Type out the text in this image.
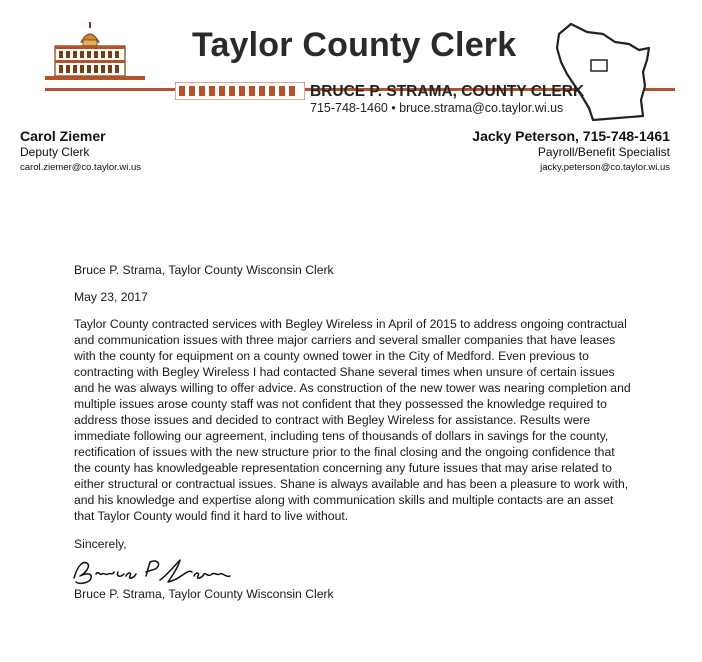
Taylor County Clerk
BRUCE P. STRAMA, COUNTY CLERK
715-748-1460 • bruce.strama@co.taylor.wi.us
Carol Ziemer
Deputy Clerk
carol.ziemer@co.taylor.wi.us
Jacky Peterson, 715-748-1461
Payroll/Benefit Specialist
jacky.peterson@co.taylor.wi.us

Bruce P. Strama, Taylor County Wisconsin Clerk

May 23, 2017

Taylor County contracted services with Begley Wireless in April of 2015 to address ongoing contractual and communication issues with three major carriers and several smaller companies that have leases with the county for equipment on a county owned tower in the City of Medford. Even previous to contracting with Begley Wireless I had contacted Shane several times when unsure of certain issues and he was always willing to offer advice. As construction of the new tower was nearing completion and multiple issues arose county staff was not confident that they possessed the knowledge required to address those issues and decided to contract with Begley Wireless for assistance. Results were immediate following our agreement, including tens of thousands of dollars in savings for the county, rectification of issues with the new structure prior to the final closing and the ongoing confidence that the county has knowledgeable representation concerning any future issues that may arise related to either structural or contractual issues. Shane is always available and has been a pleasure to work with, and his knowledge and expertise along with communication skills and multiple contacts are an asset that Taylor County would find it hard to live without.

Sincerely,

Bruce P. Strama, Taylor County Wisconsin Clerk
